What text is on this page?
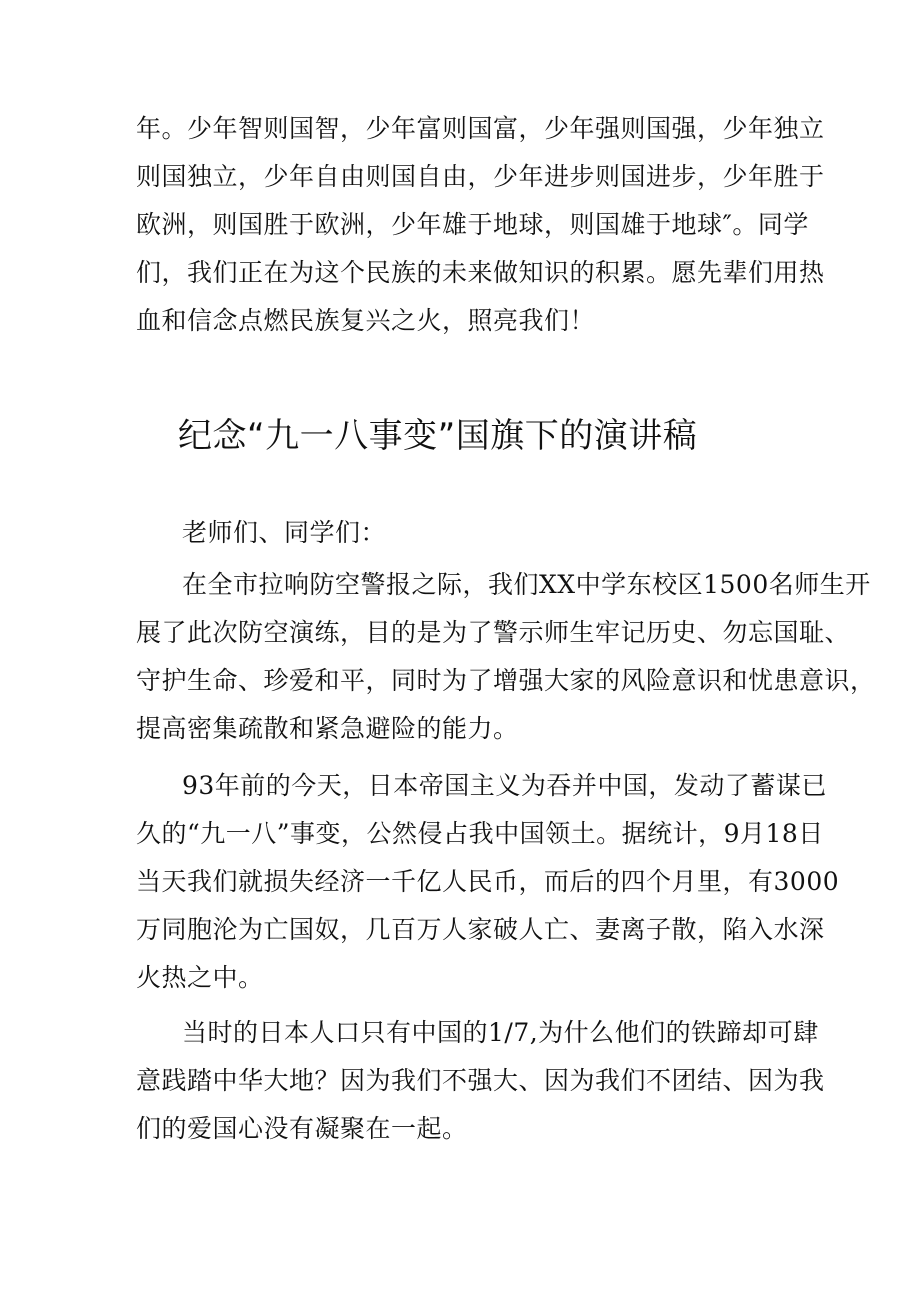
年。少年智则国智，少年富则国富，少年强则国强，少年独立
则国独立，少年自由则国自由，少年进步则国进步，少年胜于
欧洲，则国胜于欧洲，少年雄于地球，则国雄于地球″。同学
们，我们正在为这个民族的未来做知识的积累。愿先辈们用热
血和信念点燃民族复兴之火，照亮我们！
纪念“九一八事变”国旗下的演讲稿
老师们、同学们：
在全市拉响防空警报之际，我们XX中学东校区1500名师生开
展了此次防空演练，目的是为了警示师生牢记历史、勿忘国耻、
守护生命、珍爱和平，同时为了增强大家的风险意识和忧患意识，
提高密集疏散和紧急避险的能力。
93年前的今天，日本帝国主义为吞并中国，发动了蓄谋已
久的“九一八”事变，公然侵占我中国领土。据统计，9月18日
当天我们就损失经济一千亿人民币，而后的四个月里，有3000
万同胞沦为亡国奴，几百万人家破人亡、妻离子散，陷入水深
火热之中。
当时的日本人口只有中国的1/7,为什么他们的铁蹄却可肆
意践踏中华大地？因为我们不强大、因为我们不团结、因为我
们的爱国心没有凝聚在一起。
